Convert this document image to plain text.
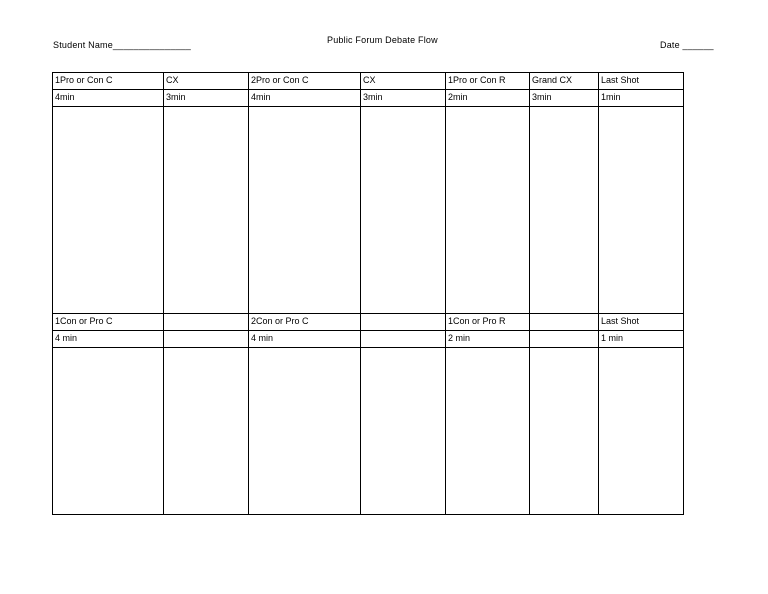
Student Name_______________	Public Forum Debate Flow	Date ______
1Pro or Con C	CX	2Pro or Con C	CX	1Pro or Con R	Grand CX	Last Shot
4min	3min	4min	3min	2min	3min	1min

1Con or Pro C		2Con or Pro C		1Con or Pro R		Last Shot
4 min		4 min		2 min		1 min
